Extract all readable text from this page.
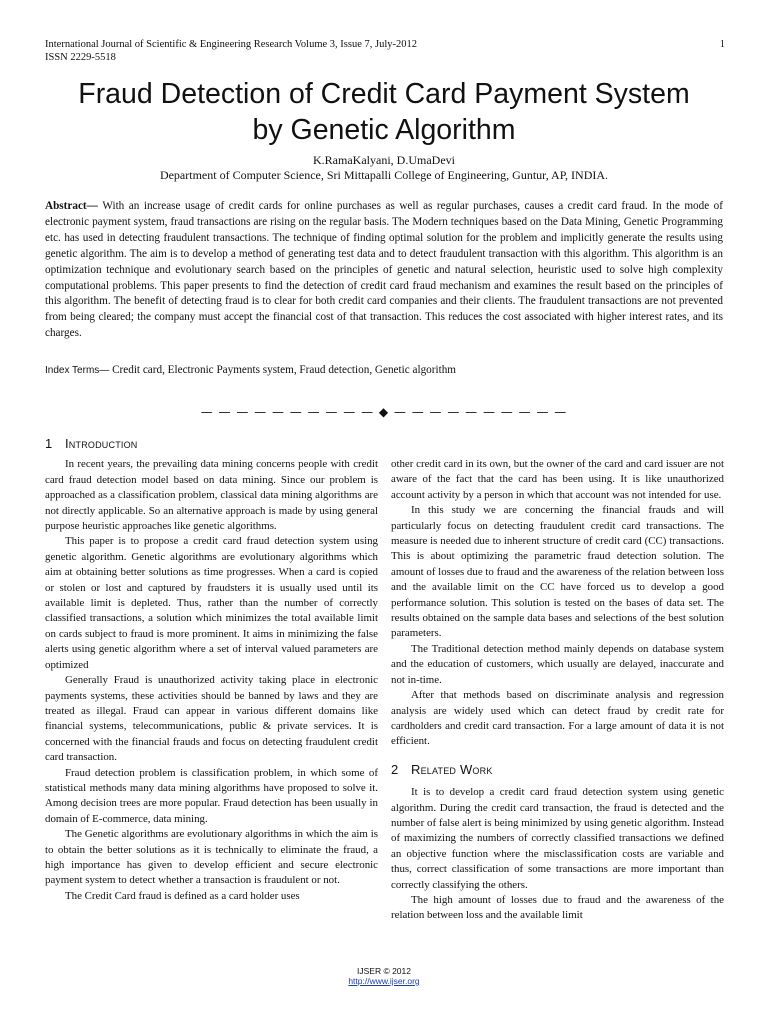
International Journal of Scientific & Engineering Research Volume 3, Issue 7, July-2012	1
ISSN 2229-5518
Fraud Detection of Credit Card Payment System
by Genetic Algorithm
K.RamaKalyani, D.UmaDevi
Department of Computer Science, Sri Mittapalli College of Engineering, Guntur, AP, INDIA.
Abstract— With an increase usage of credit cards for online purchases as well as regular purchases, causes a credit card fraud. In the mode of electronic payment system, fraud transactions are rising on the regular basis. The Modern techniques based on the Data Mining, Genetic Programming etc. has used in detecting fraudulent transactions. The technique of finding optimal solution for the problem and implicitly generate the results using genetic algorithm. The aim is to develop a method of generating test data and to detect fraudulent transaction with this algorithm. This algorithm is an optimization technique and evolutionary search based on the principles of genetic and natural selection, heuristic used to solve high complexity computational problems. This paper presents to find the detection of credit card fraud mechanism and examines the result based on the principles of this algorithm. The benefit of detecting fraud is to clear for both credit card companies and their clients. The fraudulent transactions are not prevented from being cleared; the company must accept the financial cost of that transaction. This reduces the cost associated with higher interest rates, and its charges.
Index Terms— Credit card, Electronic Payments system, Fraud detection, Genetic algorithm
— — — — — — — — — — ◆ — — — — — — — — — —
1 Introduction

In recent years, the prevailing data mining concerns people with credit card fraud detection model based on data mining. Since our problem is approached as a classification problem, classical data mining algorithms are not directly applicable. So an alternative approach is made by using general purpose heuristic approaches like genetic algorithms.

This paper is to propose a credit card fraud detection system using genetic algorithm. Genetic algorithms are evolutionary algorithms which aim at obtaining better solutions as time progresses. When a card is copied or stolen or lost and captured by fraudsters it is usually used until its available limit is depleted. Thus, rather than the number of correctly classified transactions, a solution which minimizes the total available limit on cards subject to fraud is more prominent. It aims in minimizing the false alerts using genetic algorithm where a set of interval valued parameters are optimized

Generally Fraud is unauthorized activity taking place in electronic payments systems, these activities should be banned by laws and they are treated as illegal. Fraud can appear in various different domains like financial systems, telecommunications, public & private services. It is concerned with the financial frauds and focus on detecting fraudulent credit card transaction.

Fraud detection problem is classification problem, in which some of statistical methods many data mining algorithms have proposed to solve it. Among decision trees are more popular. Fraud detection has been usually in domain of E-commerce, data mining.

The Genetic algorithms are evolutionary algorithms in which the aim is to obtain the better solutions as it is technically to eliminate the fraud, a high importance has given to develop efficient and secure electronic payment system to detect whether a transaction is fraudulent or not.

The Credit Card fraud is defined as a card holder uses

other credit card in its own, but the owner of the card and card issuer are not aware of the fact that the card has been using. It is like unauthorized account activity by a person in which that account was not intended for use.

In this study we are concerning the financial frauds and will particularly focus on detecting fraudulent credit card transactions. The measure is needed due to inherent structure of credit card (CC) transactions. This is about optimizing the parametric fraud detection solution. The amount of losses due to fraud and the awareness of the relation between loss and the available limit on the CC have forced us to develop a good performance solution. This solution is tested on the bases of data set. The results obtained on the sample data bases and selections of the best solution parameters.

The Traditional detection method mainly depends on database system and the education of customers, which usually are delayed, inaccurate and not in-time.

After that methods based on discriminate analysis and regression analysis are widely used which can detect fraud by credit rate for cardholders and credit card transaction. For a large amount of data it is not efficient.

2 Related Work

It is to develop a credit card fraud detection system using genetic algorithm. During the credit card transaction, the fraud is detected and the number of false alert is being minimized by using genetic algorithm. Instead of maximizing the numbers of correctly classified transactions we defined an objective function where the misclassification costs are variable and thus, correct classification of some transactions are more important than correctly classifying the others.

The high amount of losses due to fraud and the awareness of the relation between loss and the available limit

IJSER © 2012
http://www.ijser.org
